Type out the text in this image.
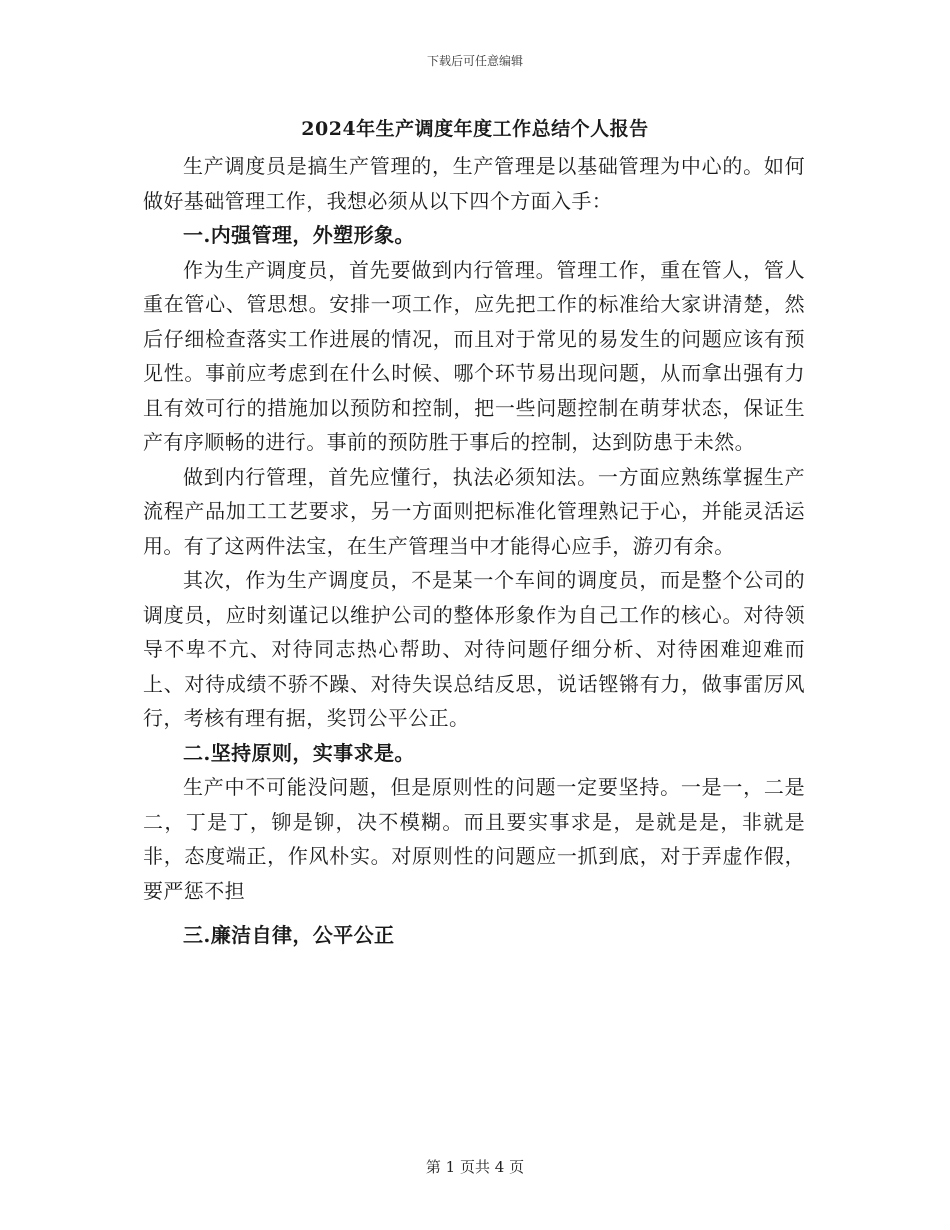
下载后可任意编辑
2024年生产调度年度工作总结个人报告

生产调度员是搞生产管理的，生产管理是以基础管理为中心的。如何做好基础管理工作，我想必须从以下四个方面入手：

一.内强管理，外塑形象。

作为生产调度员，首先要做到内行管理。管理工作，重在管人，管人重在管心、管思想。安排一项工作，应先把工作的标准给大家讲清楚，然后仔细检查落实工作进展的情况，而且对于常见的易发生的问题应该有预见性。事前应考虑到在什么时候、哪个环节易出现问题，从而拿出强有力且有效可行的措施加以预防和控制，把一些问题控制在萌芽状态，保证生产有序顺畅的进行。事前的预防胜于事后的控制，达到防患于未然。

做到内行管理，首先应懂行，执法必须知法。一方面应熟练掌握生产流程产品加工工艺要求，另一方面则把标准化管理熟记于心，并能灵活运用。有了这两件法宝，在生产管理当中才能得心应手，游刃有余。

其次，作为生产调度员，不是某一个车间的调度员，而是整个公司的调度员，应时刻谨记以维护公司的整体形象作为自己工作的核心。对待领导不卑不亢、对待同志热心帮助、对待问题仔细分析、对待困难迎难而上、对待成绩不骄不躁、对待失误总结反思，说话铿锵有力，做事雷厉风行，考核有理有据，奖罚公平公正。

二.坚持原则，实事求是。

生产中不可能没问题，但是原则性的问题一定要坚持。一是一，二是二，丁是丁，铆是铆，决不模糊。而且要实事求是，是就是是，非就是非，态度端正，作风朴实。对原则性的问题应一抓到底，对于弄虚作假，要严惩不担

三.廉洁自律，公平公正

第 1 页共 4 页
